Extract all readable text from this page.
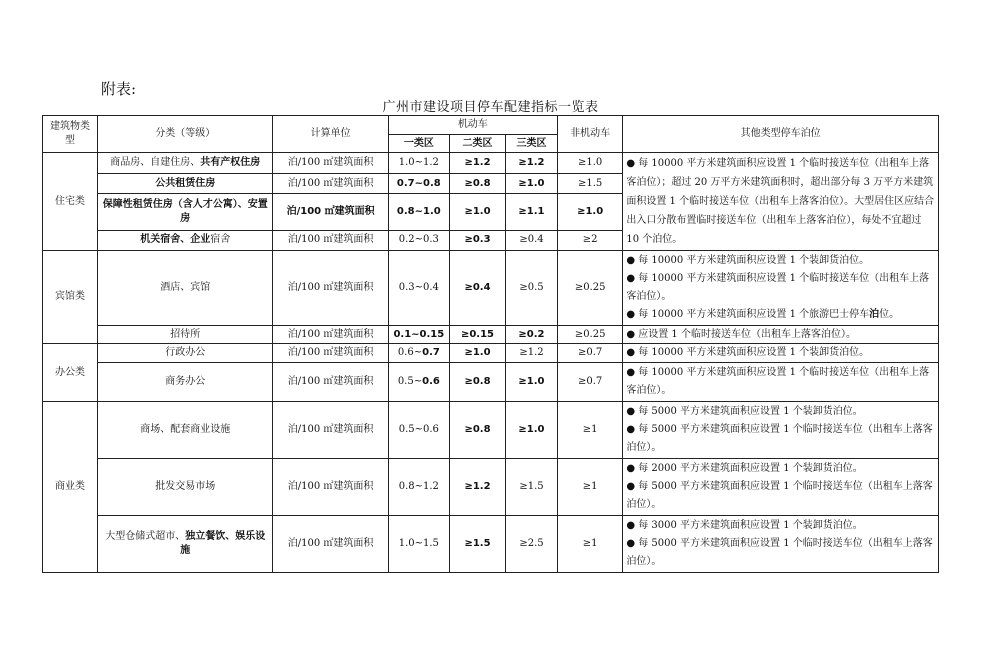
附表:
广州市建设项目停车配建指标一览表
建筑物类型	分类（等级）	计算单位	机动车			非机动车	其他类型停车泊位
			一类区	二类区	三类区		
住宅类	商品房、自建住房、共有产权住房	泊/100 ㎡建筑面积	1.0~1.2	≥1.2	≥1.2	≥1.0	● 每 10000 平方米建筑面积应设置 1 个临时接送车位（出租车上落客泊位）；超过 20 万平方米建筑面积时，超出部分每 3 万平方米建筑面积设置 1 个临时接送车位（出租车上落客泊位）。大型居住区应结合出入口分散布置临时接送车位（出租车上落客泊位），每处不宜超过 10 个泊位。
	公共租赁住房	泊/100 ㎡建筑面积	0.7~0.8	≥0.8	≥1.0	≥1.5	
	保障性租赁住房（含人才公寓）、安置房	泊/100 ㎡建筑面积	0.8~1.0	≥1.0	≥1.1	≥1.0	
	机关宿舍、企业宿舍	泊/100 ㎡建筑面积	0.2~0.3	≥0.3	≥0.4	≥2	
宾馆类	酒店、宾馆	泊/100 ㎡建筑面积	0.3~0.4	≥0.4	≥0.5	≥0.25	● 每 10000 平方米建筑面积应设置 1 个装卸货泊位。
● 每 10000 平方米建筑面积应设置 1 个临时接送车位（出租车上落客泊位）。
● 每 10000 平方米建筑面积应设置 1 个旅游巴士停车泊位。

	招待所	泊/100 ㎡建筑面积	0.1~0.15	≥0.15	≥0.2	≥0.25	● 应设置 1 个临时接送车位（出租车上落客泊位）。
办公类	行政办公	泊/100 ㎡建筑面积	0.6~0.7	≥1.0	≥1.2	≥0.7	● 每 10000 平方米建筑面积应设置 1 个装卸货泊位。
	商务办公	泊/100 ㎡建筑面积	0.5~0.6	≥0.8	≥1.0	≥0.7	● 每 10000 平方米建筑面积应设置 1 个临时接送车位（出租车上落客泊位）。
商业类	商场、配套商业设施	泊/100 ㎡建筑面积	0.5~0.6	≥0.8	≥1.0	≥1	● 每 5000 平方米建筑面积应设置 1 个装卸货泊位。
● 每 5000 平方米建筑面积应设置 1 个临时接送车位（出租车上落客泊位）。

	批发交易市场	泊/100 ㎡建筑面积	0.8~1.2	≥1.2	≥1.5	≥1	● 每 2000 平方米建筑面积应设置 1 个装卸货泊位。
● 每 5000 平方米建筑面积应设置 1 个临时接送车位（出租车上落客泊位）。

	大型仓储式超市、独立餐饮、娱乐设施	泊/100 ㎡建筑面积	1.0~1.5	≥1.5	≥2.5	≥1	● 每 3000 平方米建筑面积应设置 1 个装卸货泊位。
● 每 5000 平方米建筑面积应设置 1 个临时接送车位（出租车上落客泊位）。
